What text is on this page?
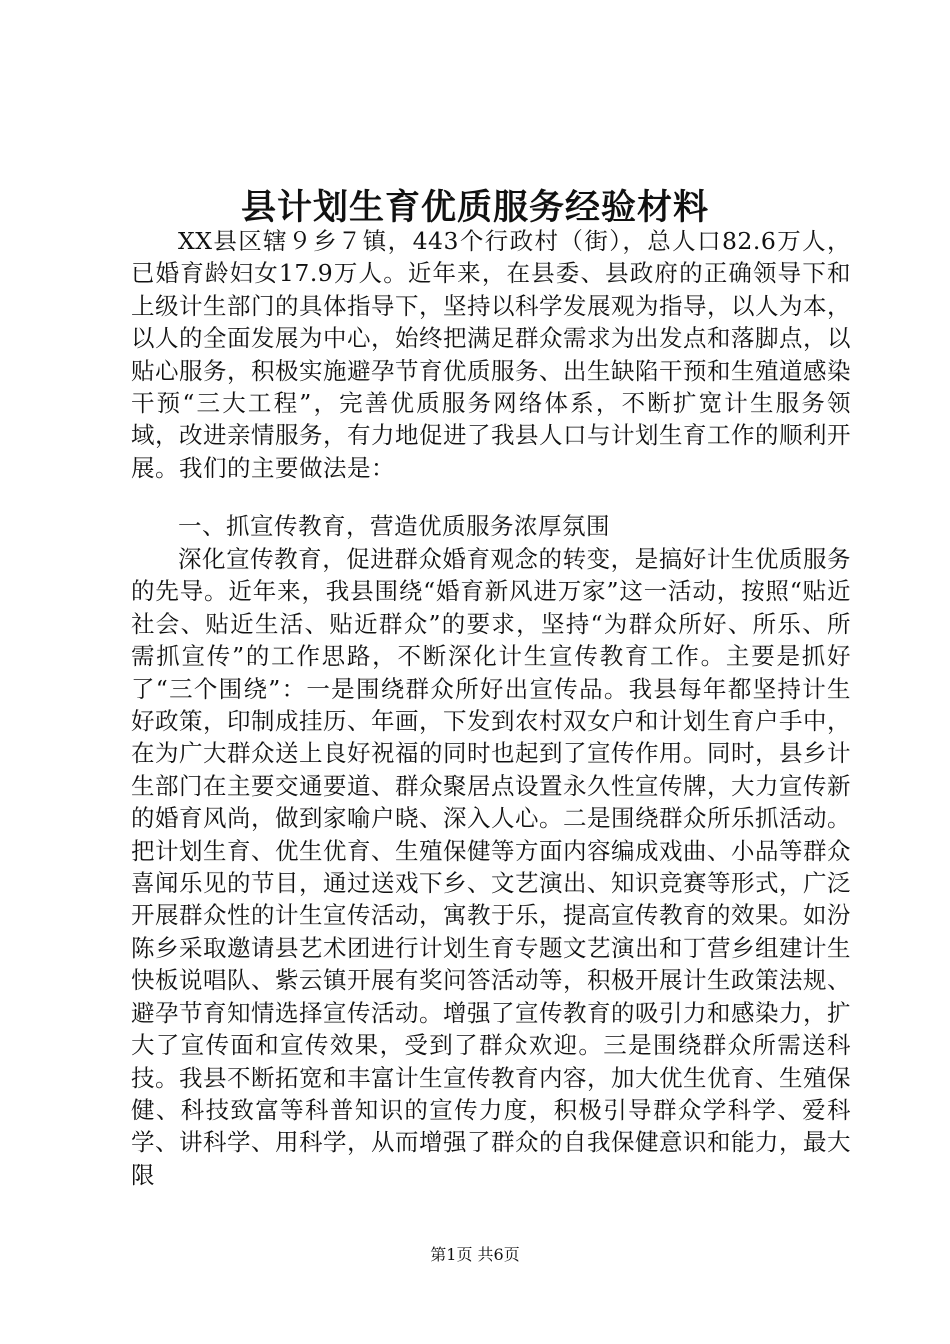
县计划生育优质服务经验材料

XX县区辖９乡７镇，443个行政村（街），总人口82.6万人，已婚育龄妇女17.9万人。近年来，在县委、县政府的正确领导下和上级计生部门的具体指导下，坚持以科学发展观为指导，以人为本，以人的全面发展为中心，始终把满足群众需求为出发点和落脚点，以贴心服务，积极实施避孕节育优质服务、出生缺陷干预和生殖道感染干预“三大工程”，完善优质服务网络体系，不断扩宽计生服务领域，改进亲情服务，有力地促进了我县人口与计划生育工作的顺利开展。我们的主要做法是：

一、抓宣传教育，营造优质服务浓厚氛围

深化宣传教育，促进群众婚育观念的转变，是搞好计生优质服务的先导。近年来，我县围绕“婚育新风进万家”这一活动，按照“贴近社会、贴近生活、贴近群众”的要求，坚持“为群众所好、所乐、所需抓宣传”的工作思路，不断深化计生宣传教育工作。主要是抓好了“三个围绕”：一是围绕群众所好出宣传品。我县每年都坚持计生好政策，印制成挂历、年画，下发到农村双女户和计划生育户手中，在为广大群众送上良好祝福的同时也起到了宣传作用。同时，县乡计生部门在主要交通要道、群众聚居点设置永久性宣传牌，大力宣传新的婚育风尚，做到家喻户晓、深入人心。二是围绕群众所乐抓活动。把计划生育、优生优育、生殖保健等方面内容编成戏曲、小品等群众喜闻乐见的节目，通过送戏下乡、文艺演出、知识竞赛等形式，广泛开展群众性的计生宣传活动，寓教于乐，提高宣传教育的效果。如汾陈乡采取邀请县艺术团进行计划生育专题文艺演出和丁营乡组建计生快板说唱队、紫云镇开展有奖问答活动等，积极开展计生政策法规、避孕节育知情选择宣传活动。增强了宣传教育的吸引力和感染力，扩大了宣传面和宣传效果，受到了群众欢迎。三是围绕群众所需送科技。我县不断拓宽和丰富计生宣传教育内容，加大优生优育、生殖保健、科技致富等科普知识的宣传力度，积极引导群众学科学、爱科学、讲科学、用科学，从而增强了群众的自我保健意识和能力，最大限

第1页 共6页
